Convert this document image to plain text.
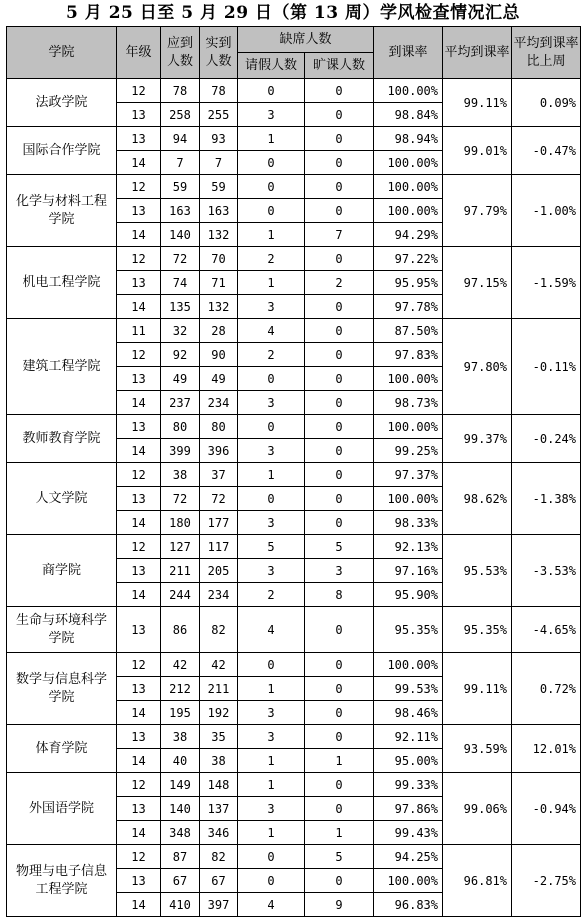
5 月 25 日至 5 月 29 日（第 13 周）学风检查情况汇总
学院	年级	应到人数	实到人数	缺席人数		到课率	平均到课率	平均到课率比上周
				请假人数	旷课人数			
法政学院	12	78	78	0	0	100.00%	99.11%	0.09%
	13	258	255	3	0	98.84%		
国际合作学院	13	94	93	1	0	98.94%	99.01%	-0.47%
	14	7	7	0	0	100.00%		
化学与材料工程学院	12	59	59	0	0	100.00%	97.79%	-1.00%
	13	163	163	0	0	100.00%		
	14	140	132	1	7	94.29%		
机电工程学院	12	72	70	2	0	97.22%	97.15%	-1.59%
	13	74	71	1	2	95.95%		
	14	135	132	3	0	97.78%		
建筑工程学院	11	32	28	4	0	87.50%	97.80%	-0.11%
	12	92	90	2	0	97.83%		
	13	49	49	0	0	100.00%		
	14	237	234	3	0	98.73%		
教师教育学院	13	80	80	0	0	100.00%	99.37%	-0.24%
	14	399	396	3	0	99.25%		
人文学院	12	38	37	1	0	97.37%	98.62%	-1.38%
	13	72	72	0	0	100.00%		
	14	180	177	3	0	98.33%		
商学院	12	127	117	5	5	92.13%	95.53%	-3.53%
	13	211	205	3	3	97.16%		
	14	244	234	2	8	95.90%		
生命与环境科学学院	13	86	82	4	0	95.35%	95.35%	-4.65%
数学与信息科学学院	12	42	42	0	0	100.00%	99.11%	0.72%
	13	212	211	1	0	99.53%		
	14	195	192	3	0	98.46%		
体育学院	13	38	35	3	0	92.11%	93.59%	12.01%
	14	40	38	1	1	95.00%		
外国语学院	12	149	148	1	0	99.33%	99.06%	-0.94%
	13	140	137	3	0	97.86%		
	14	348	346	1	1	99.43%		
物理与电子信息工程学院	12	87	82	0	5	94.25%	96.81%	-2.75%
	13	67	67	0	0	100.00%		
	14	410	397	4	9	96.83%		
